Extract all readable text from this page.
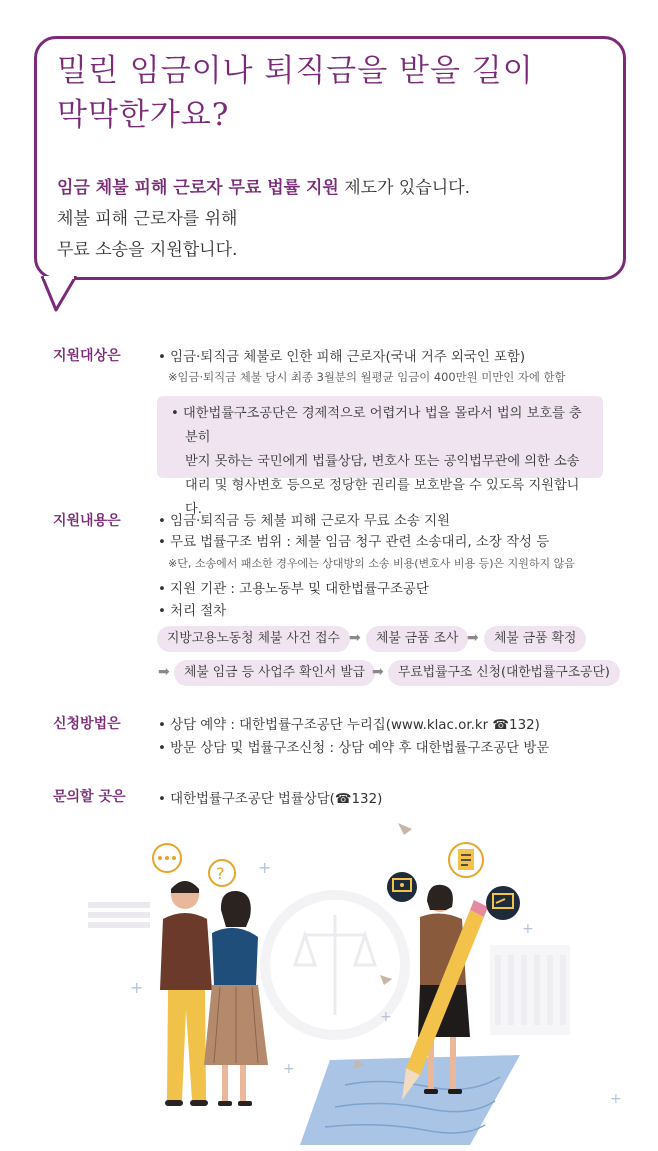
밀린 임금이나 퇴직금을 받을 길이
막막한가요?
임금 체불 피해 근로자 무료 법률 지원 제도가 있습니다.
체불 피해 근로자를 위해
무료 소송을 지원합니다.
지원대상은	• 임금·퇴직금 체불로 인한 피해 근로자(국내 거주 외국인 포함)
※임금·퇴직금 체불 당시 최종 3월분의 월평균 임금이 400만원 미만인 자에 한함
• 대한법률구조공단은 경제적으로 어렵거나 법을 몰라서 법의 보호를 충분히
받지 못하는 국민에게 법률상담, 변호사 또는 공익법무관에 의한 소송
대리 및 형사변호 등으로 정당한 권리를 보호받을 수 있도록 지원합니다.
지원내용은	• 임금·퇴직금 등 체불 피해 근로자 무료 소송 지원
• 무료 법률구조 범위 : 체불 임금 청구 관련 소송대리, 소장 작성 등
※단, 소송에서 패소한 경우에는 상대방의 소송 비용(변호사 비용 등)은 지원하지 않음
• 지원 기관 : 고용노동부 및 대한법률구조공단
• 처리 절차
지방고용노동청 체불 사건 접수 ➡	체불 금품 조사 ➡	체불 금품 확정
➡	체불 임금 등 사업주 확인서 발급 ➡	무료법률구조 신청(대한법률구조공단)
신청방법은	• 상담 예약 : 대한법률구조공단 누리집(www.klac.or.kr ☎132)
• 방문 상담 및 법률구조신청 : 상담 예약 후 대한법률구조공단 방문
문의할 곳은 • 대한법률구조공단 법률상담(☎132)
+
+
+
+
+
+
?
